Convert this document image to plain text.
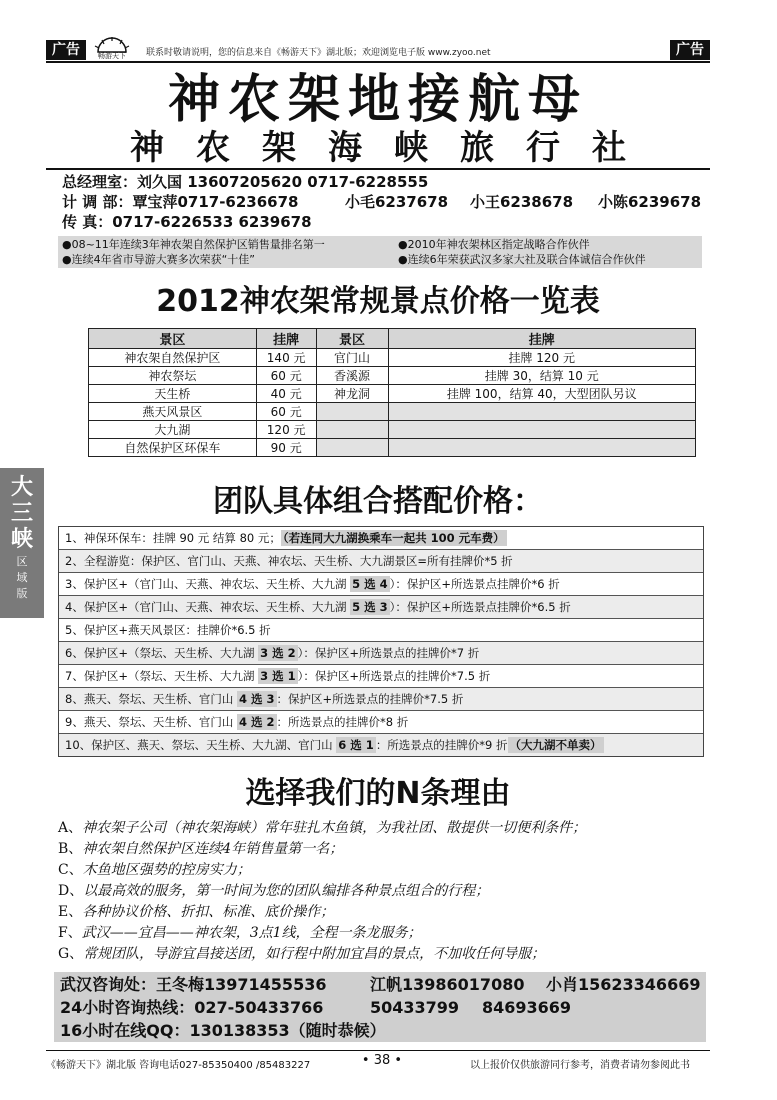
广告	畅游天下	联系时敬请说明，您的信息来自《畅游天下》湖北版；欢迎浏览电子版 www.zyoo.net	广告
神农架地接航母
神农架海峡旅行社
总经理室：刘久国 13607205620 0717-6228555
计 调 部：覃宝萍0717-6236678	小毛6237678 小王6238678 小陈6239678
传 真：0717-6226533 6239678
●08~11年连续3年神农架自然保护区销售量排名第一	●2010年神农架林区指定战略合作伙伴
●连续4年省市导游大赛多次荣获“十佳”	●连续6年荣获武汉多家大社及联合体诚信合作伙伴
2012神农架常规景点价格一览表
景区	挂牌	景区	挂牌
神农架自然保护区	140 元	官门山	挂牌 120 元
神农祭坛	60 元	香溪源	挂牌 30，结算 10 元
天生桥	40 元	神龙洞	挂牌 100，结算 40，大型团队另议
燕天风景区	60 元		
大九湖	120 元		
自然保护区环保车	90 元		
大三峡
区域版
团队具体组合搭配价格：
1、神保环保车：挂牌 90 元 结算 80 元； （若连同大九湖换乘车一起共 100 元车费）
2、全程游览：保护区、官门山、天燕、神农坛、天生桥、大九湖景区=所有挂牌价*5 折
3、保护区+（官门山、天燕、神农坛、天生桥、大九湖 5 选 4 ）：保护区+所选景点挂牌价*6 折
4、保护区+（官门山、天燕、神农坛、天生桥、大九湖 5 选 3 ）：保护区+所选景点挂牌价*6.5 折
5、保护区+燕天风景区：挂牌价*6.5 折
6、保护区+（祭坛、天生桥、大九湖 3 选 2 ）：保护区+所选景点的挂牌价*7 折
7、保护区+（祭坛、天生桥、大九湖 3 选 1 ）：保护区+所选景点的挂牌价*7.5 折
8、燕天、祭坛、天生桥、官门山 4 选 3 ：保护区+所选景点的挂牌价*7.5 折
9、燕天、祭坛、天生桥、官门山 4 选 2 ：所选景点的挂牌价*8 折
10、保护区、燕天、祭坛、天生桥、大九湖、官门山 6 选 1 ：所选景点的挂牌价*9 折 （大九湖不单卖）
选择我们的N条理由
A、神农架子公司（神农架海峡）常年驻扎木鱼镇，为我社团、散提供一切便利条件；
B、神农架自然保护区连续4年销售量第一名；
C、木鱼地区强势的控房实力；
D、以最高效的服务，第一时间为您的团队编排各种景点组合的行程；
E、各种协议价格、折扣、标准、底价操作；
F、武汉——宜昌——神农架，3点1线，全程一条龙服务；
G、常规团队，导游宜昌接送团，如行程中附加宜昌的景点，不加收任何导服；
武汉咨询处：王冬梅13971455536	江帆13986017080 小肖15623346669
24小时咨询热线：027-50433766	50433799 84693669
16小时在线QQ：130138353（随时恭候）
《畅游天下》湖北版 咨询电话027-85350400 /85483227	• 38 •	以上报价仅供旅游同行参考，消费者请勿参阅此书
